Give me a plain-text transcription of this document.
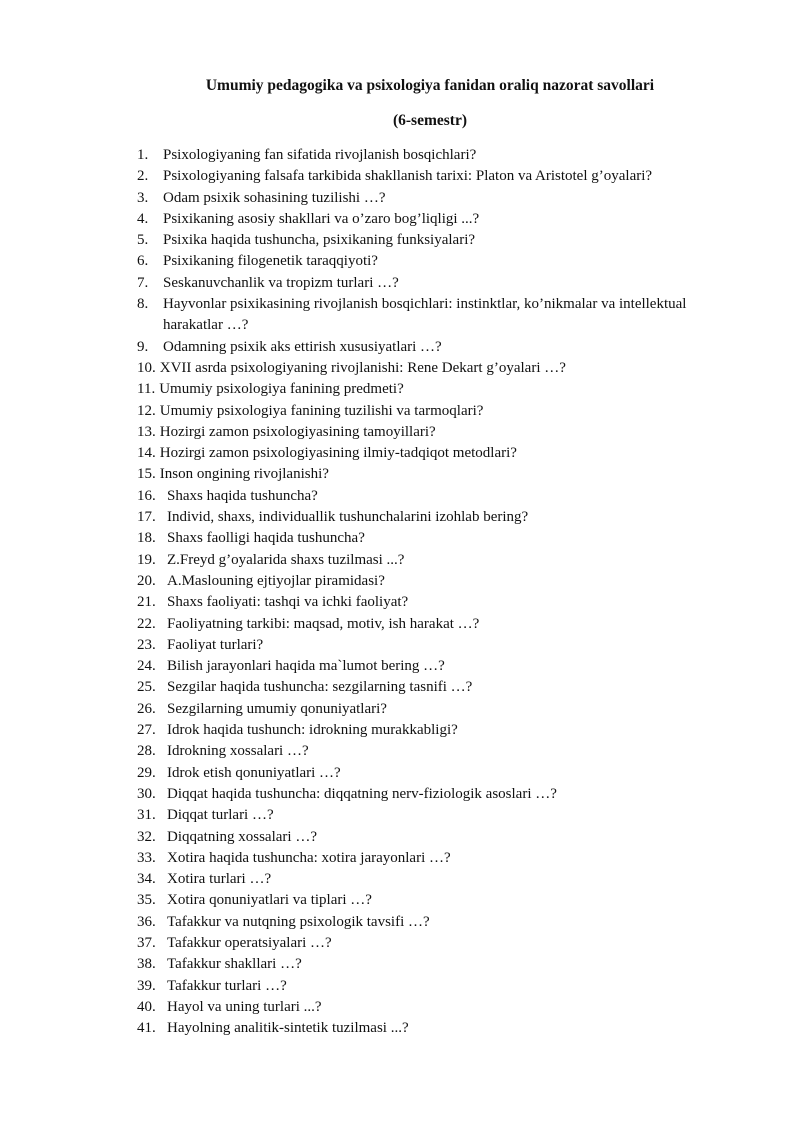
Umumiy pedagogika va psixologiya fanidan oraliq nazorat savollari
(6-semestr)
1. Psixologiyaning fan sifatida rivojlanish bosqichlari?
2. Psixologiyaning falsafa tarkibida shakllanish tarixi: Platon va Aristotel g’oyalari?
3. Odam psixik sohasining tuzilishi …?
4. Psixikaning asosiy shakllari va o’zaro bog’liqligi ...?
5. Psixika haqida tushuncha, psixikaning funksiyalari?
6. Psixikaning filogenetik taraqqiyoti?
7. Seskanuvchanlik va tropizm turlari …?
8. Hayvonlar psixikasining rivojlanish bosqichlari: instinktlar, ko’nikmalar va intellektual harakatlar …?
9. Odamning psixik aks ettirish xususiyatlari …?
10. XVII asrda psixologiyaning rivojlanishi: Rene Dekart g’oyalari …?
11. Umumiy psixologiya fanining predmeti?
12. Umumiy psixologiya fanining tuzilishi va tarmoqlari?
13. Hozirgi zamon psixologiyasining tamoyillari?
14. Hozirgi zamon psixologiyasining ilmiy-tadqiqot metodlari?
15. Inson ongining rivojlanishi?
16. Shaxs haqida tushuncha?
17. Individ, shaxs, individuallik tushunchalarini izohlab bering?
18. Shaxs faolligi haqida tushuncha?
19. Z.Freyd g’oyalarida shaxs tuzilmasi ...?
20. A.Maslouning ejtiyojlar piramidasi?
21. Shaxs faoliyati: tashqi va ichki faoliyat?
22. Faoliyatning tarkibi: maqsad, motiv, ish harakat …?
23. Faoliyat turlari?
24. Bilish jarayonlari haqida ma`lumot bering …?
25. Sezgilar haqida tushuncha: sezgilarning tasnifi …?
26. Sezgilarning umumiy qonuniyatlari?
27. Idrok haqida tushunch: idrokning murakkabligi?
28. Idrokning xossalari …?
29. Idrok etish qonuniyatlari …?
30. Diqqat haqida tushuncha: diqqatning nerv-fiziologik asoslari …?
31. Diqqat turlari …?
32. Diqqatning xossalari …?
33. Xotira haqida tushuncha: xotira jarayonlari …?
34. Xotira turlari …?
35. Xotira qonuniyatlari va tiplari …?
36. Tafakkur va nutqning psixologik tavsifi …?
37. Tafakkur operatsiyalari …?
38. Tafakkur shakllari …?
39. Tafakkur turlari …?
40. Hayol va uning turlari ...?
41. Hayolning analitik-sintetik tuzilmasi ...?
